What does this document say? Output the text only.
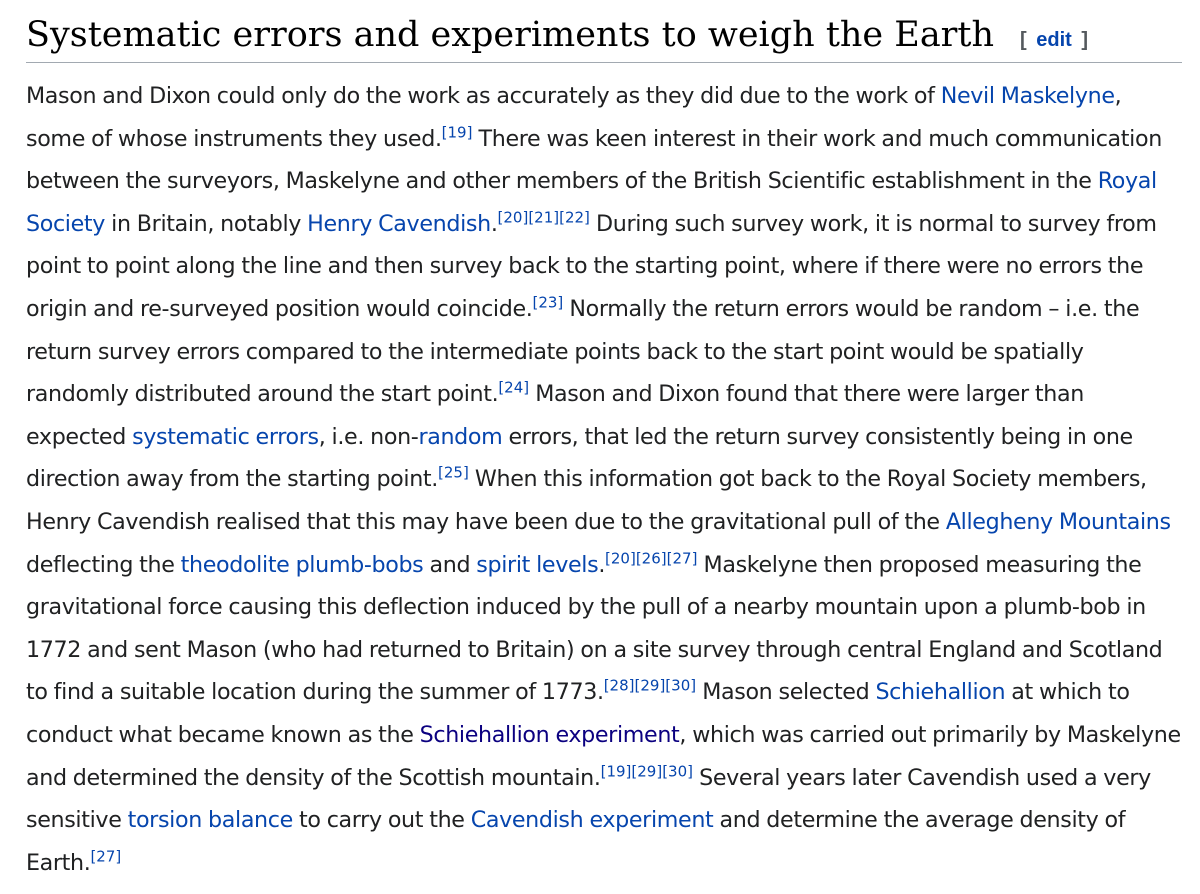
Systematic errors and experiments to weigh the Earth [ edit ]

Mason and Dixon could only do the work as accurately as they did due to the work of Nevil Maskelyne, some of whose instruments they used.[19] There was keen interest in their work and much communication between the surveyors, Maskelyne and other members of the British Scientific establishment in the Royal Society in Britain, notably Henry Cavendish.[20][21][22] During such survey work, it is normal to survey from point to point along the line and then survey back to the starting point, where if there were no errors the origin and re-surveyed position would coincide.[23] Normally the return errors would be random – i.e. the return survey errors compared to the intermediate points back to the start point would be spatially randomly distributed around the start point.[24] Mason and Dixon found that there were larger than expected systematic errors, i.e. non-random errors, that led the return survey consistently being in one direction away from the starting point.[25] When this information got back to the Royal Society members, Henry Cavendish realised that this may have been due to the gravitational pull of the Allegheny Mountains deflecting the theodolite plumb-bobs and spirit levels.[20][26][27] Maskelyne then proposed measuring the gravitational force causing this deflection induced by the pull of a nearby mountain upon a plumb-bob in 1772 and sent Mason (who had returned to Britain) on a site survey through central England and Scotland to find a suitable location during the summer of 1773.[28][29][30] Mason selected Schiehallion at which to conduct what became known as the Schiehallion experiment, which was carried out primarily by Maskelyne and determined the density of the Scottish mountain.[19][29][30] Several years later Cavendish used a very sensitive torsion balance to carry out the Cavendish experiment and determine the average density of Earth.[27]
